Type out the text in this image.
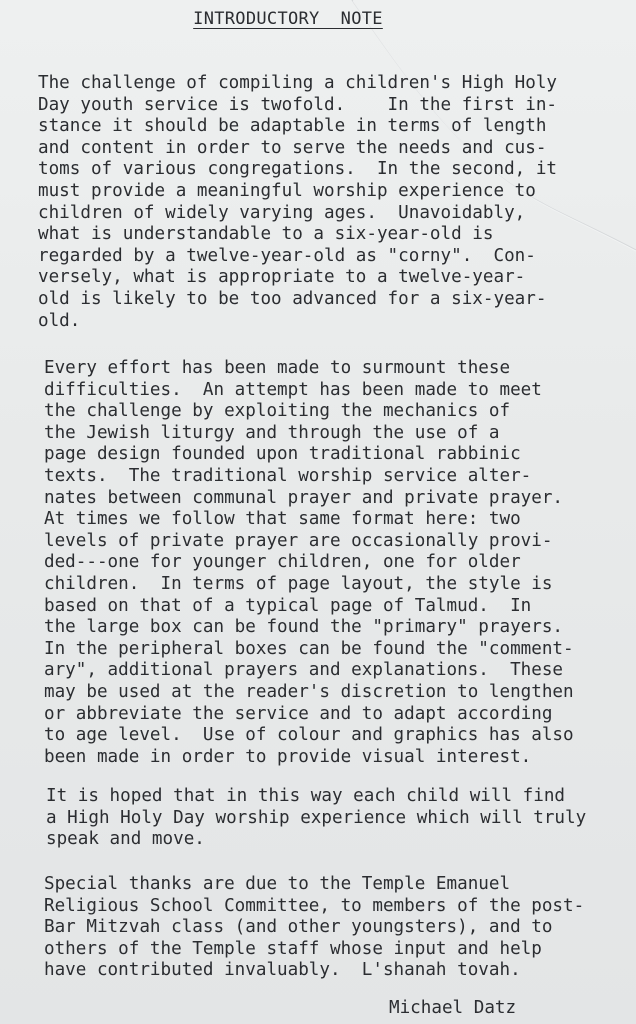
INTRODUCTORY  NOTE

The challenge of compiling a children's High Holy
Day youth service is twofold.    In the first in-
stance it should be adaptable in terms of length
and content in order to serve the needs and cus-
toms of various congregations.  In the second, it
must provide a meaningful worship experience to
children of widely varying ages.  Unavoidably,
what is understandable to a six-year-old is
regarded by a twelve-year-old as "corny".  Con-
versely, what is appropriate to a twelve-year-
old is likely to be too advanced for a six-year-
old.

Every effort has been made to surmount these
difficulties.  An attempt has been made to meet
the challenge by exploiting the mechanics of
the Jewish liturgy and through the use of a
page design founded upon traditional rabbinic
texts.  The traditional worship service alter-
nates between communal prayer and private prayer.
At times we follow that same format here: two
levels of private prayer are occasionally provi-
ded---one for younger children, one for older
children.  In terms of page layout, the style is
based on that of a typical page of Talmud.  In
the large box can be found the "primary" prayers.
In the peripheral boxes can be found the "comment-
ary", additional prayers and explanations.  These
may be used at the reader's discretion to lengthen
or abbreviate the service and to adapt according
to age level.  Use of colour and graphics has also
been made in order to provide visual interest.

It is hoped that in this way each child will find
a High Holy Day worship experience which will truly
speak and move.

Special thanks are due to the Temple Emanuel
Religious School Committee, to members of the post-
Bar Mitzvah class (and other youngsters), and to
others of the Temple staff whose input and help
have contributed invaluably.  L'shanah tovah.

Michael Datz
